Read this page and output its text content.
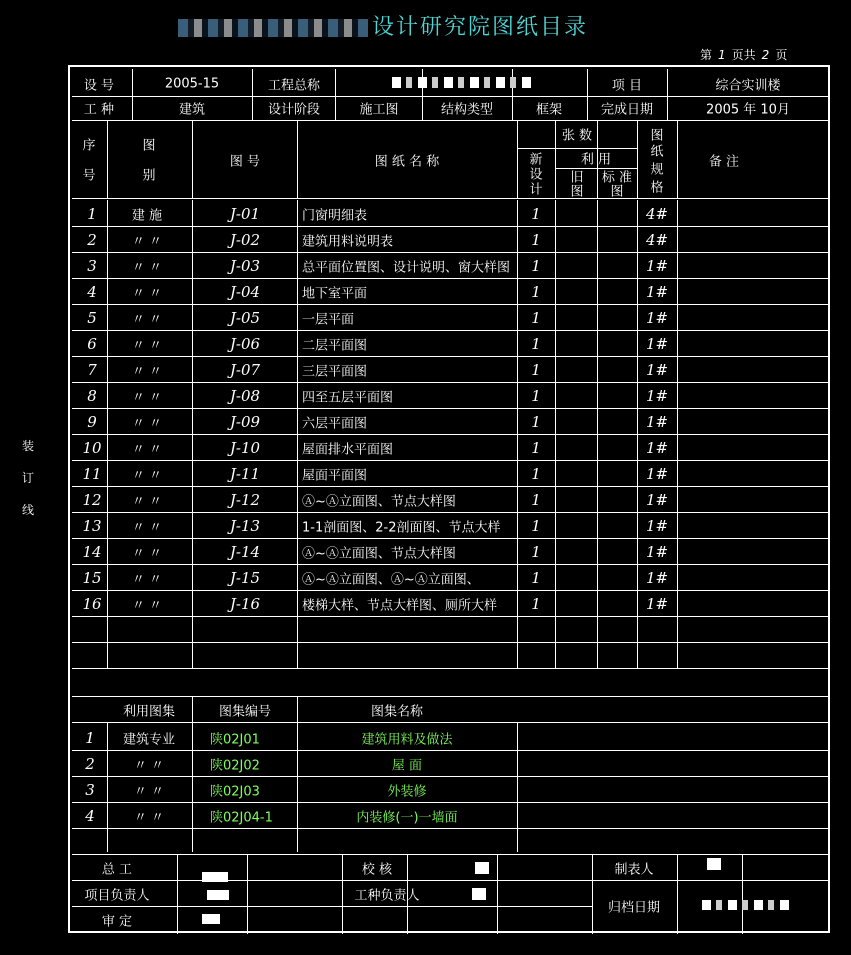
设计研究院图纸目录
第 1 页共 2 页
装
订
线
设 号	2005-15	工程总称	项 目	综合实训楼
工 种	建筑	设计阶段	施工图	结构类型	框架	完成日期	2005 年 10月
序
号
图
别
图 号	图 纸 名 称
张 数
新
设
计
利 用
旧
图
标 准
图
图
纸
规
格
备 注
1	建 施	J-01	门窗明细表	1	4#
2	〃 〃	J-02	建筑用料说明表	1	4#
3	〃 〃	J-03	总平面位置图、设计说明、窗大样图 1	1#
4	〃 〃	J-04	地下室平面	1	1#
5	〃 〃	J-05	一层平面	1	1#
6	〃 〃	J-06	二层平面图	1	1#
7	〃 〃	J-07	三层平面图	1	1#
8	〃 〃	J-08	四至五层平面图	1	1#
9	〃 〃	J-09	六层平面图	1	1#
10 〃 〃	J-10	屋面排水平面图	1	1#
11 〃 〃	J-11	屋面平面图	1	1#
12 〃 〃	J-12	Ⓐ~Ⓐ立面图、节点大样图	1	1#
13 〃 〃	J-13	1-1剖面图、2-2剖面图、节点大样 1	1#
14 〃 〃	J-14	Ⓐ~Ⓐ立面图、节点大样图	1	1#
15 〃 〃	J-15	Ⓐ~Ⓐ立面图、Ⓐ~Ⓐ立面图、	1	1#
16 〃 〃	J-16	楼梯大样、节点大样图、厕所大样 1	1#
利用图集	图集编号	图集名称
1 建筑专业	陕02J01	建筑用料及做法
2	〃 〃	陕02J02	屋 面
3	〃 〃	陕02J03	外装修
4	〃 〃	陕02J04-1	内装修(一)一墙面
总 工
项目负责人
审 定
校 核
工种负责人
制表人
归档日期
